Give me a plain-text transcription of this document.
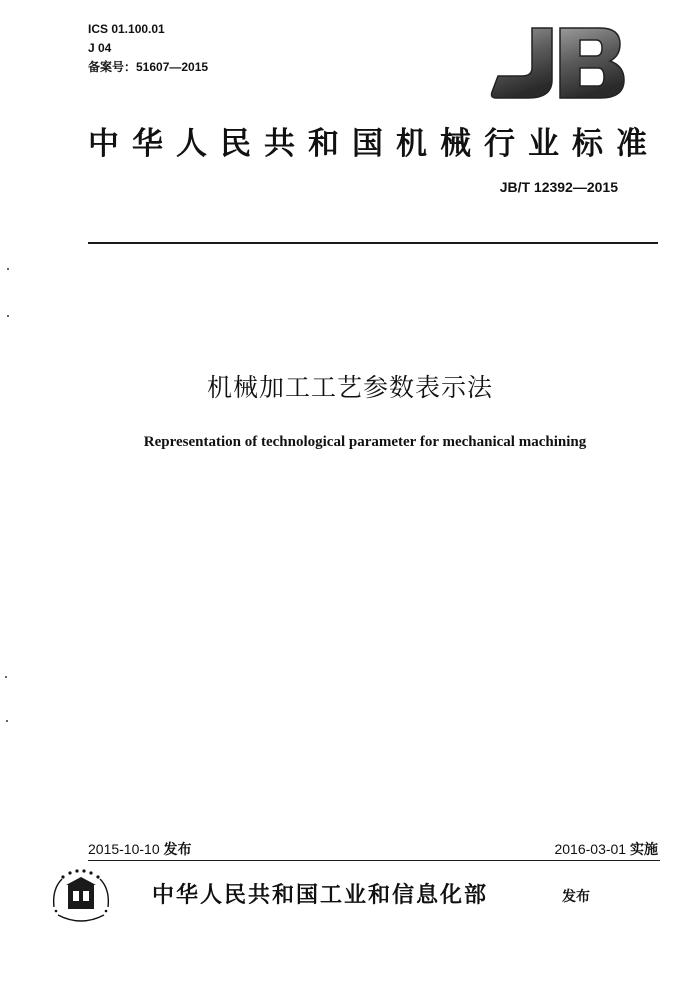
ICS 01.100.01
J 04
备案号：51607—2015
中华人民共和国机械行业标准
JB/T 12392—2015
机械加工工艺参数表示法
Representation of technological parameter for mechanical machining
2015-10-10 发布	2016-03-01 实施
中华人民共和国工业和信息化部	发布
